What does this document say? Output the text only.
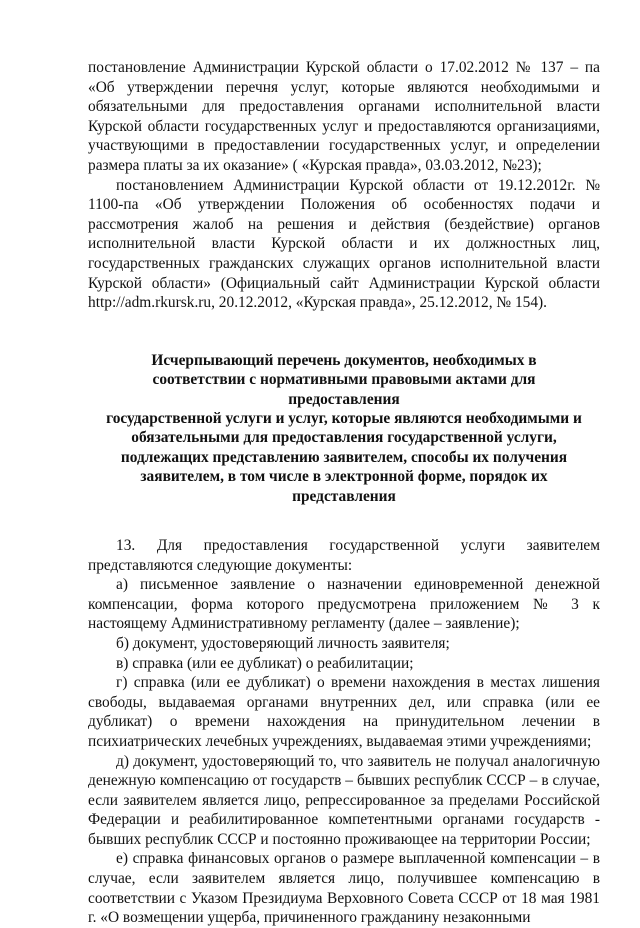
постановление Администрации Курской области о 17.02.2012 № 137 – па «Об утверждении перечня услуг, которые являются необходимыми и обязательными для предоставления органами исполнительной власти Курской области государственных услуг и предоставляются организациями, участвующими в предоставлении государственных услуг, и определении размера платы за их оказание» ( «Курская правда», 03.03.2012, №23);

постановлением Администрации Курской области от 19.12.2012г. № 1100-па «Об утверждении Положения об особенностях подачи и рассмотрения жалоб на решения и действия (бездействие) органов исполнительной власти Курской области и их должностных лиц, государственных гражданских служащих органов исполнительной власти Курской области» (Официальный сайт Администрации Курской области http://adm.rkursk.ru, 20.12.2012, «Курская правда», 25.12.2012, № 154).

Исчерпывающий перечень документов, необходимых в
соответствии с нормативными правовыми актами для предоставления
государственной услуги и услуг, которые являются необходимыми и
обязательными для предоставления государственной услуги,
подлежащих представлению заявителем, способы их получения
заявителем, в том числе в электронной форме, порядок их
представления

13. Для предоставления государственной услуги заявителем представляются следующие документы:

а) письменное заявление о назначении единовременной денежной компенсации, форма которого предусмотрена приложением № 3 к настоящему Административному регламенту (далее – заявление);

б) документ, удостоверяющий личность заявителя;

в) справка (или ее дубликат) о реабилитации;

г) справка (или ее дубликат) о времени нахождения в местах лишения свободы, выдаваемая органами внутренних дел, или справка (или ее дубликат) о времени нахождения на принудительном лечении в психиатрических лечебных учреждениях, выдаваемая этими учреждениями;

д) документ, удостоверяющий то, что заявитель не получал аналогичную денежную компенсацию от государств – бывших республик СССР – в случае, если заявителем является лицо, репрессированное за пределами Российской Федерации и реабилитированное компетентными органами государств - бывших республик СССР и постоянно проживающее на территории России;

е) справка финансовых органов о размере выплаченной компенсации – в случае, если заявителем является лицо, получившее компенсацию в соответствии с Указом Президиума Верховного Совета СССР от 18 мая 1981 г. «О возмещении ущерба, причиненного гражданину незаконными
